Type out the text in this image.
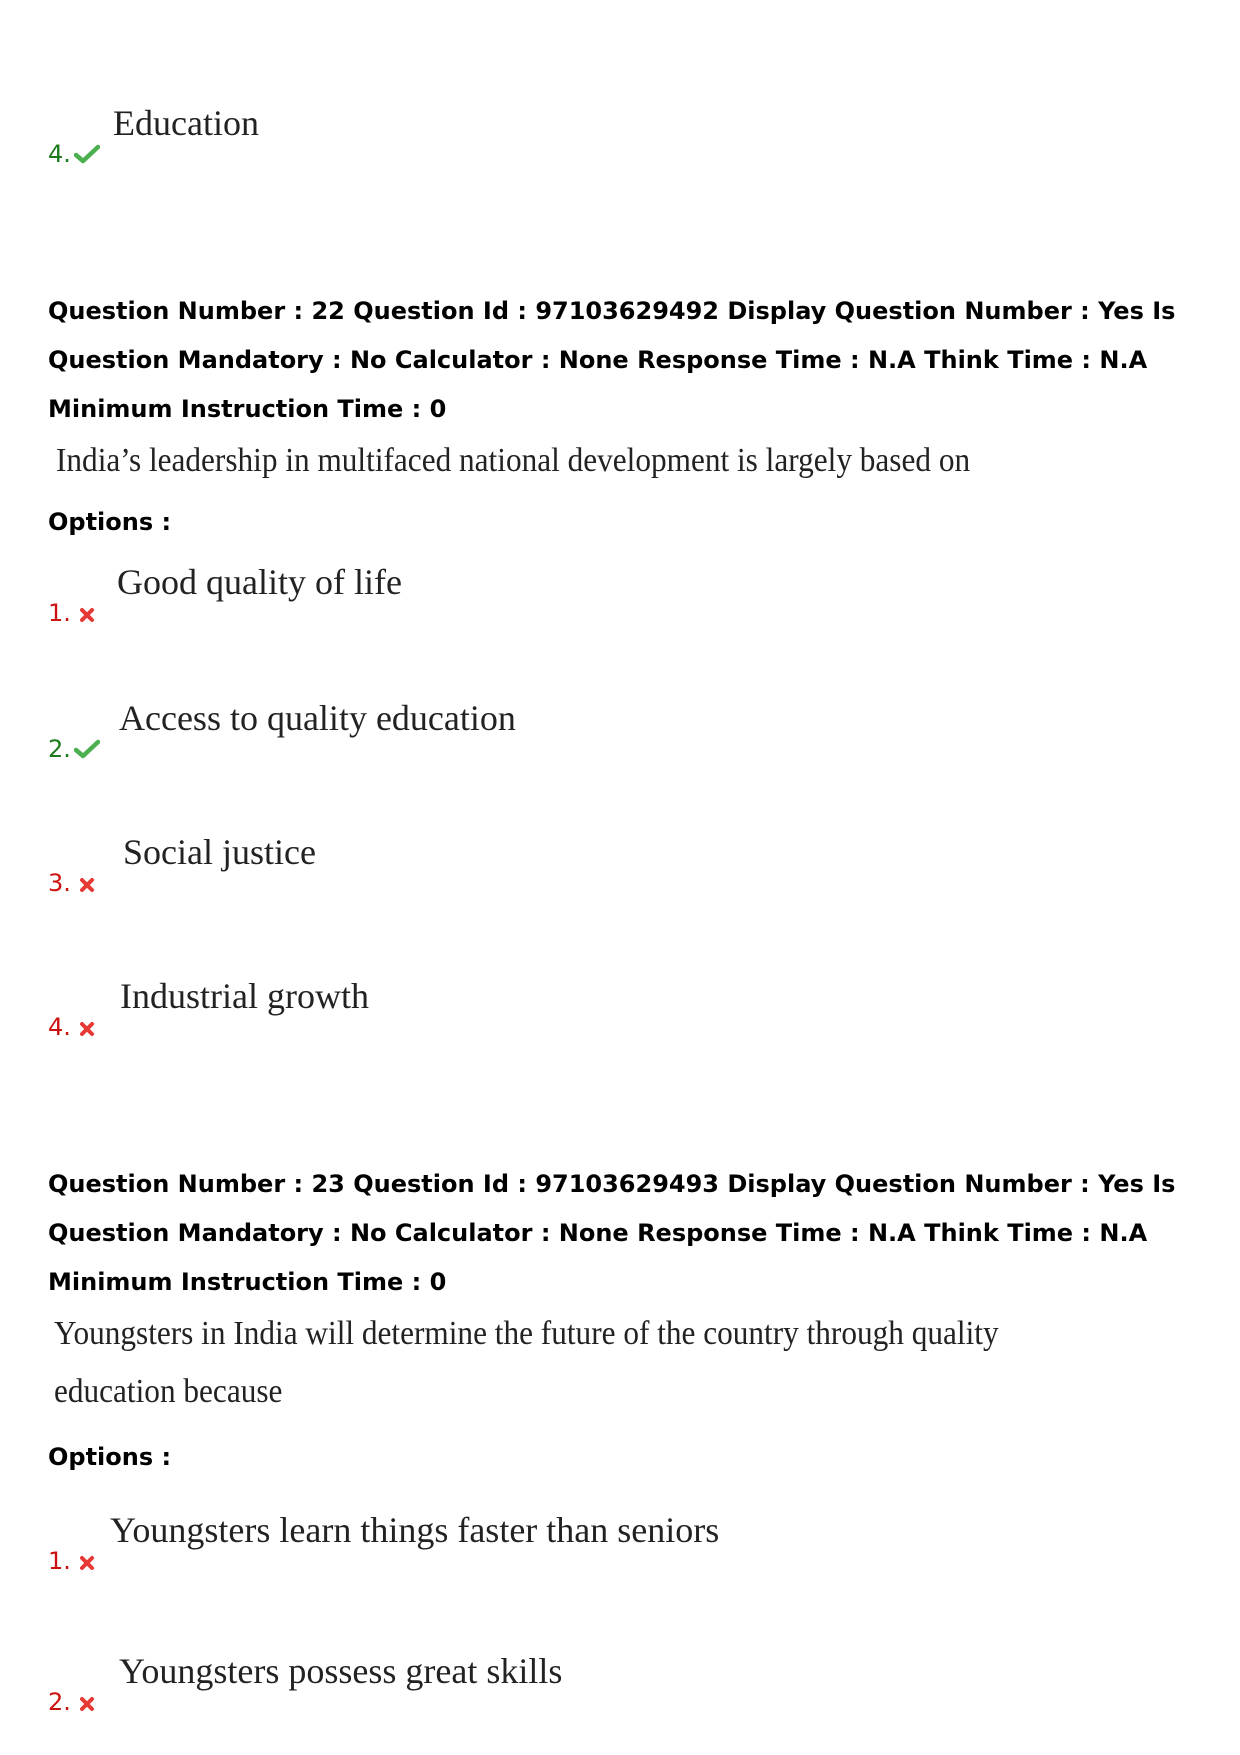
4.
Education
Question Number : 22 Question Id : 97103629492 Display Question Number : Yes Is Question Mandatory : No Calculator : None Response Time : N.A Think Time : N.A Minimum Instruction Time : 0
India’s leadership in multifaced national development is largely based on
Options :
1.
Good quality of life
2.
Access to quality education
3.
Social justice
4.
Industrial growth
Question Number : 23 Question Id : 97103629493 Display Question Number : Yes Is Question Mandatory : No Calculator : None Response Time : N.A Think Time : N.A Minimum Instruction Time : 0
Youngsters in India will determine the future of the country through quality
education because
Options :
1.
Youngsters learn things faster than seniors
2.
Youngsters possess great skills
